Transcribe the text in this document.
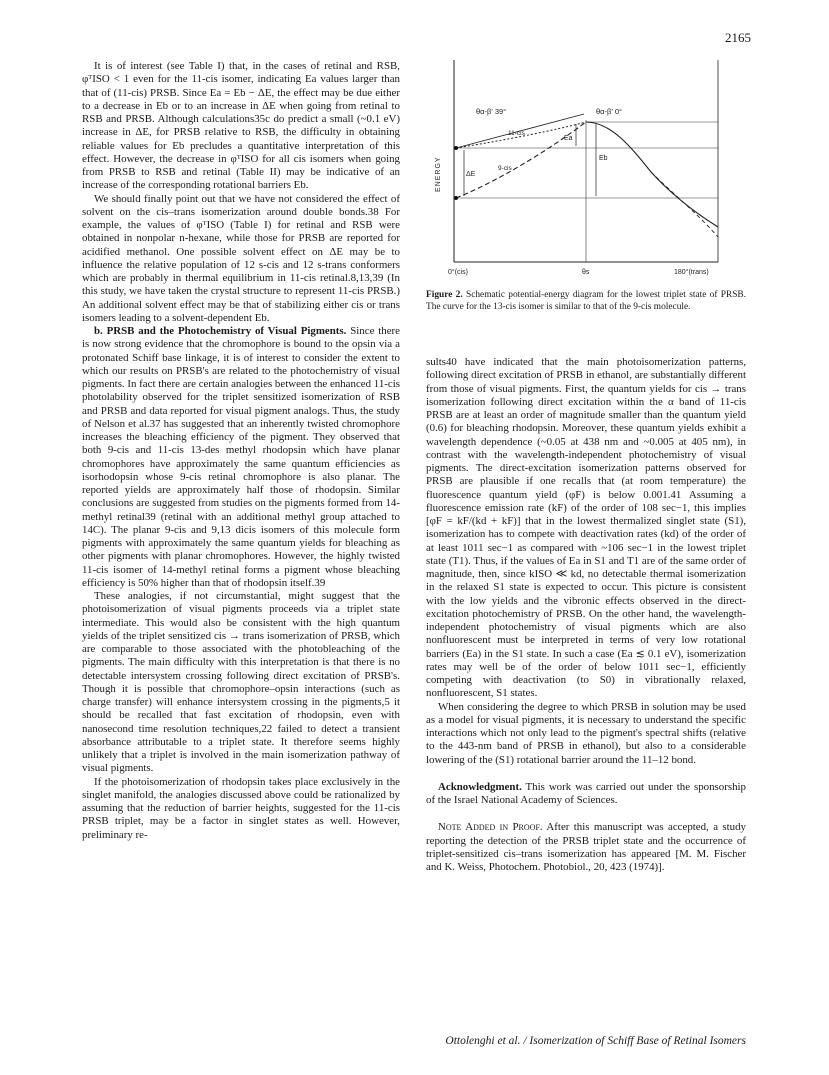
2165
ENERGY
θα-β' 39°	θα-β' 0°
11-cis
9-cis
ΔE
Ea
Eb
0°(cis)	θs	180°(trans)
Figure 2. Schematic potential-energy diagram for the lowest triplet state of PRSB. The curve for the 13-cis isomer is similar to that of the 9-cis molecule.

It is of interest (see Table I) that, in the cases of retinal and RSB, φᵀISO < 1 even for the 11-cis isomer, indicating Ea values larger than that of (11-cis) PRSB. Since Ea = Eb − ΔE, the effect may be due either to a decrease in Eb or to an increase in ΔE when going from retinal to RSB and PRSB. Although calculations35c do predict a small (~0.1 eV) increase in ΔE, for PRSB relative to RSB, the difficulty in obtaining reliable values for Eb precludes a quantitative interpretation of this effect. However, the decrease in φᵀISO for all cis isomers when going from PRSB to RSB and retinal (Table II) may be indicative of an increase of the corresponding rotational barriers Eb.

We should finally point out that we have not considered the effect of solvent on the cis–trans isomerization around double bonds.38 For example, the values of φᵀISO (Table I) for retinal and RSB were obtained in nonpolar n-hexane, while those for PRSB are reported for acidified methanol. One possible solvent effect on ΔE may be to influence the relative population of 12 s-cis and 12 s-trans conformers which are probably in thermal equilibrium in 11-cis retinal.8,13,39 (In this study, we have taken the crystal structure to represent 11-cis PRSB.) An additional solvent effect may be that of stabilizing either cis or trans isomers leading to a solvent-dependent Eb.

b. PRSB and the Photochemistry of Visual Pigments. Since there is now strong evidence that the chromophore is bound to the opsin via a protonated Schiff base linkage, it is of interest to consider the extent to which our results on PRSB's are related to the photochemistry of visual pigments. In fact there are certain analogies between the enhanced 11-cis photolability observed for the triplet sensitized isomerization of RSB and PRSB and data reported for visual pigment analogs. Thus, the study of Nelson et al.37 has suggested that an inherently twisted chromophore increases the bleaching efficiency of the pigment. They observed that both 9-cis and 11-cis 13-des methyl rhodopsin which have planar chromophores have approximately the same quantum efficiencies as isorhodopsin whose 9-cis retinal chromophore is also planar. The reported yields are approximately half those of rhodopsin. Similar conclusions are suggested from studies on the pigments formed from 14-methyl retinal39 (retinal with an additional methyl group attached to 14C). The planar 9-cis and 9,13 dicis isomers of this molecule form pigments with approximately the same quantum yields for bleaching as other pigments with planar chromophores. However, the highly twisted 11-cis isomer of 14-methyl retinal forms a pigment whose bleaching efficiency is 50% higher than that of rhodopsin itself.39

These analogies, if not circumstantial, might suggest that the photoisomerization of visual pigments proceeds via a triplet state intermediate. This would also be consistent with the high quantum yields of the triplet sensitized cis → trans isomerization of PRSB, which are comparable to those associated with the photobleaching of the pigments. The main difficulty with this interpretation is that there is no detectable intersystem crossing following direct excitation of PRSB's. Though it is possible that chromophore–opsin interactions (such as charge transfer) will enhance intersystem crossing in the pigments,5 it should be recalled that fast excitation of rhodopsin, even with nanosecond time resolution techniques,22 failed to detect a transient absorbance attributable to a triplet state. It therefore seems highly unlikely that a triplet is involved in the main isomerization pathway of visual pigments.

If the photoisomerization of rhodopsin takes place exclusively in the singlet manifold, the analogies discussed above could be rationalized by assuming that the reduction of barrier heights, suggested for the 11-cis PRSB triplet, may be a factor in singlet states as well. However, preliminary re-

sults40 have indicated that the main photoisomerization patterns, following direct excitation of PRSB in ethanol, are substantially different from those of visual pigments. First, the quantum yields for cis → trans isomerization following direct excitation within the α band of 11-cis PRSB are at least an order of magnitude smaller than the quantum yield (0.6) for bleaching rhodopsin. Moreover, these quantum yields exhibit a wavelength dependence (~0.05 at 438 nm and ~0.005 at 405 nm), in contrast with the wavelength-independent photochemistry of visual pigments. The direct-excitation isomerization patterns observed for PRSB are plausible if one recalls that (at room temperature) the fluorescence quantum yield (φF) is below 0.001.41 Assuming a fluorescence emission rate (kF) of the order of 108 sec−1, this implies [φF = kF/(kd + kF)] that in the lowest thermalized singlet state (S1), isomerization has to compete with deactivation rates (kd) of the order of at least 1011 sec−1 as compared with ~106 sec−1 in the lowest triplet state (T1). Thus, if the values of Ea in S1 and T1 are of the same order of magnitude, then, since kISO ≪ kd, no detectable thermal isomerization in the relaxed S1 state is expected to occur. This picture is consistent with the low yields and the vibronic effects observed in the direct-excitation photochemistry of PRSB. On the other hand, the wavelength-independent photochemistry of visual pigments which are also nonfluorescent must be interpreted in terms of very low rotational barriers (Ea) in the S1 state. In such a case (Ea ≲ 0.1 eV), isomerization rates may well be of the order of below 1011 sec−1, efficiently competing with deactivation (to S0) in vibrationally relaxed, nonfluorescent, S1 states.

When considering the degree to which PRSB in solution may be used as a model for visual pigments, it is necessary to understand the specific interactions which not only lead to the pigment's spectral shifts (relative to the 443-nm band of PRSB in ethanol), but also to a considerable lowering of the (S1) rotational barrier around the 11–12 bond.

Acknowledgment. This work was carried out under the sponsorship of the Israel National Academy of Sciences.

Note Added in Proof. After this manuscript was accepted, a study reporting the detection of the PRSB triplet state and the occurrence of triplet-sensitized cis–trans isomerization has appeared [M. M. Fischer and K. Weiss, Photochem. Photobiol., 20, 423 (1974)].

Ottolenghi et al. / Isomerization of Schiff Base of Retinal Isomers
